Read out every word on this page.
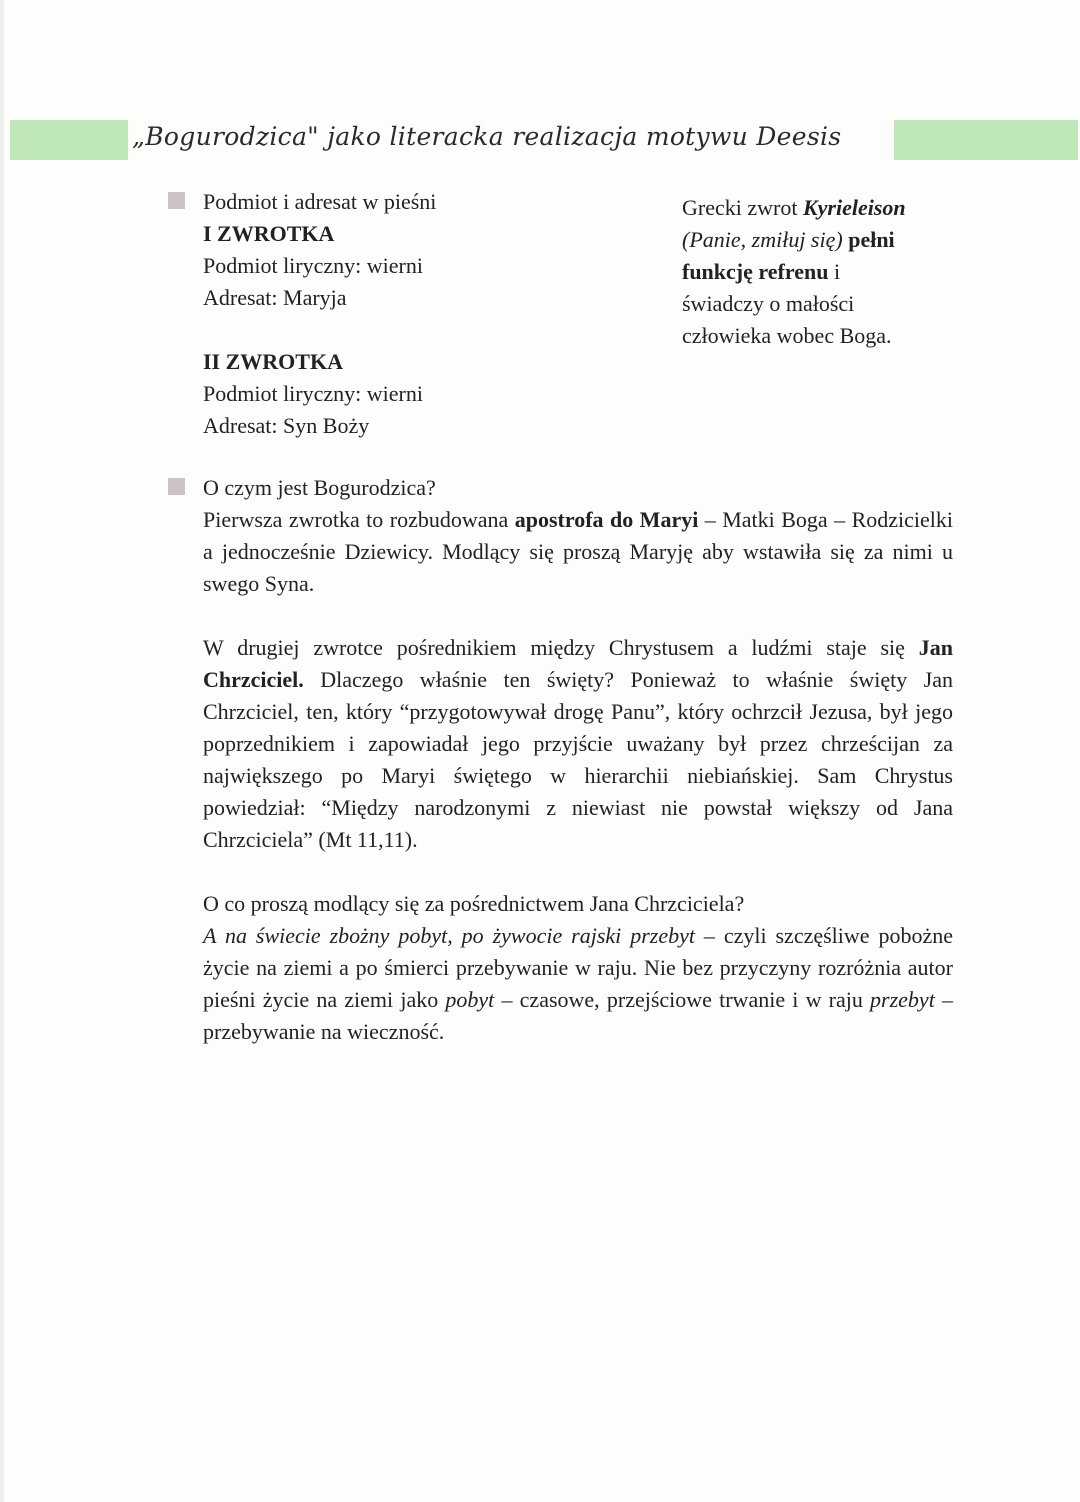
„Bogurodzica" jako literacka realizacja motywu Deesis

Podmiot i adresat w pieśni

I ZWROTKA

Podmiot liryczny: wierni

Adresat: Maryja

II ZWROTKA

Podmiot liryczny: wierni

Adresat: Syn Boży

Grecki zwrot Kyrieleison

(Panie, zmiłuj się) pełni

funkcję refrenu i

świadczy o małości

człowieka wobec Boga.

O czym jest Bogurodzica?

Pierwsza zwrotka to rozbudowana apostrofa do Maryi – Matki Boga – Rodzicielki a jednocześnie Dziewicy. Modlący się proszą Maryję aby wstawiła się za nimi u swego Syna.

W drugiej zwrotce pośrednikiem między Chrystusem a ludźmi staje się Jan Chrzciciel. Dlaczego właśnie ten święty? Ponieważ to właśnie święty Jan Chrzciciel, ten, który “przygotowywał drogę Panu”, który ochrzcił Jezusa, był jego poprzednikiem i zapowiadał jego przyjście uważany był przez chrześcijan za największego po Maryi świętego w hierarchii niebiańskiej. Sam Chrystus powiedział: “Między narodzonymi z niewiast nie powstał większy od Jana Chrzciciela” (Mt 11,11).

O co proszą modlący się za pośrednictwem Jana Chrzciciela?

A na świecie zbożny pobyt, po żywocie rajski przebyt – czyli szczęśliwe pobożne życie na ziemi a po śmierci przebywanie w raju. Nie bez przyczyny rozróżnia autor pieśni życie na ziemi jako pobyt – czasowe, przejściowe trwanie i w raju przebyt – przebywanie na wieczność.
